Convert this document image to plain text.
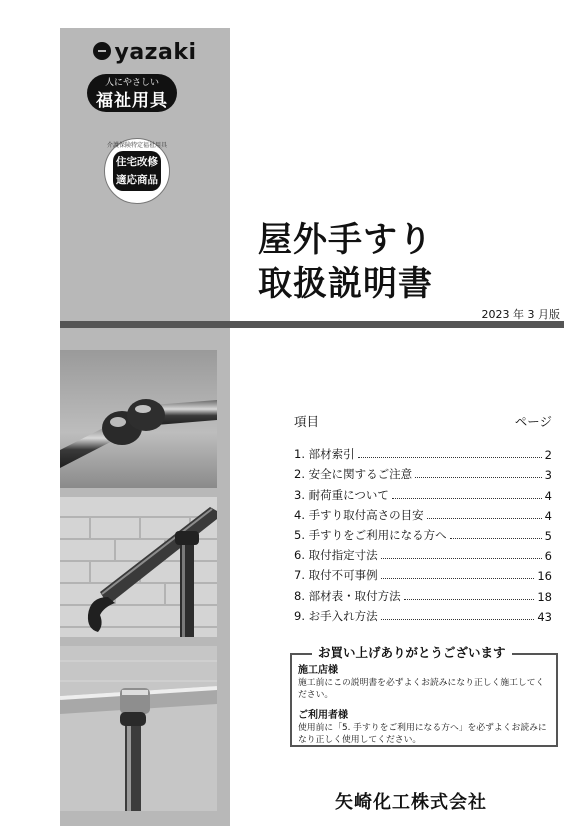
yazaki
人にやさしい
福祉用具
介護保険特定福祉用具
住宅改修
適応商品
屋外手すり
取扱説明書
2023 年 3 月版
項目	ページ
1. 部材索引	2
2. 安全に関するご注意	3
3. 耐荷重について	4
4. 手すり取付高さの目安	4
5. 手すりをご利用になる方へ	5
6. 取付指定寸法	6
7. 取付不可事例	16
8. 部材表・取付方法	18
9. お手入れ方法	43
お買い上げありがとうございます
施工店様
施工前にこの説明書を必ずよくお読みになり正しく施工してください。
ご利用者様
使用前に「5. 手すりをご利用になる方へ」を必ずよくお読みになり正しく使用してください。
矢崎化工株式会社
